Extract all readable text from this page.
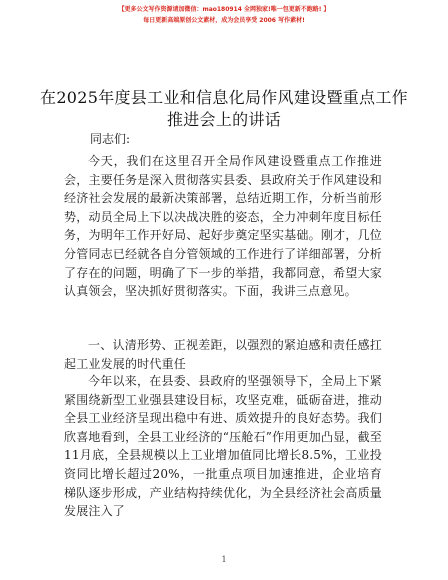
【更多公文写作资源请加微信：mao180914 全网独家!唯一包更新不跑路! 】
每日更新高端原创公文素材，成为会员享受 2006 写作素材!
在2025年度县工业和信息化局作风建设暨重点工作推进会上的讲话
同志们:

今天，我们在这里召开全局作风建设暨重点工作推进会，主要任务是深入贯彻落实县委、县政府关于作风建设和经济社会发展的最新决策部署，总结近期工作，分析当前形势，动员全局上下以决战决胜的姿态，全力冲刺年度目标任务，为明年工作开好局、起好步奠定坚实基础。刚才，几位分管同志已经就各自分管领域的工作进行了详细部署，分析了存在的问题，明确了下一步的举措，我都同意，希望大家认真领会，坚决抓好贯彻落实。下面，我讲三点意见。

一、认清形势、正视差距，以强烈的紧迫感和责任感扛起工业发展的时代重任

今年以来，在县委、县政府的坚强领导下，全局上下紧紧围绕新型工业强县建设目标，攻坚克难，砥砺奋进，推动全县工业经济呈现出稳中有进、质效提升的良好态势。我们欣喜地看到，全县工业经济的“压舱石”作用更加凸显，截至11月底，全县规模以上工业增加值同比增长8.5%，工业投资同比增长超过20%，一批重点项目加速推进，企业培育梯队逐步形成，产业结构持续优化，为全县经济社会高质量发展注入了

1
